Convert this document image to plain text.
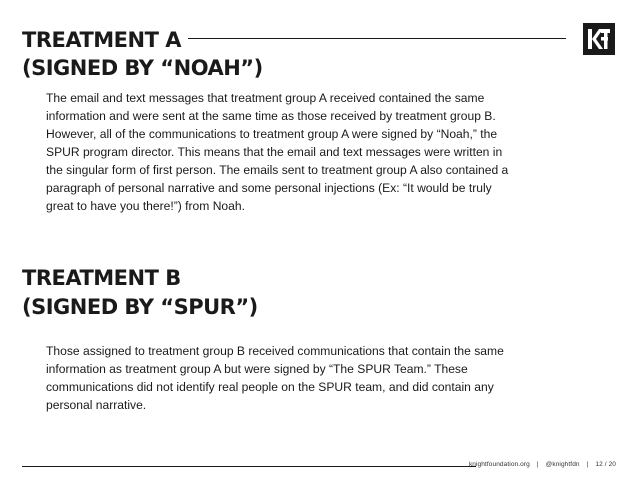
TREATMENT A
(SIGNED BY “NOAH”)

The email and text messages that treatment group A received contained the same information and were sent at the same time as those received by treatment group B. However, all of the communications to treatment group A were signed by “Noah,” the SPUR program director. This means that the email and text messages were written in the singular form of first person. The emails sent to treatment group A also contained a paragraph of personal narrative and some personal injections (Ex: “It would be truly great to have you there!”) from Noah.

TREATMENT B
(SIGNED BY “SPUR”)

Those assigned to treatment group B received communications that contain the same information as treatment group A but were signed by “The SPUR Team.” These communications did not identify real people on the SPUR team, and did contain any personal narrative.

knightfoundation.org | @knightfdn | 12 / 20
